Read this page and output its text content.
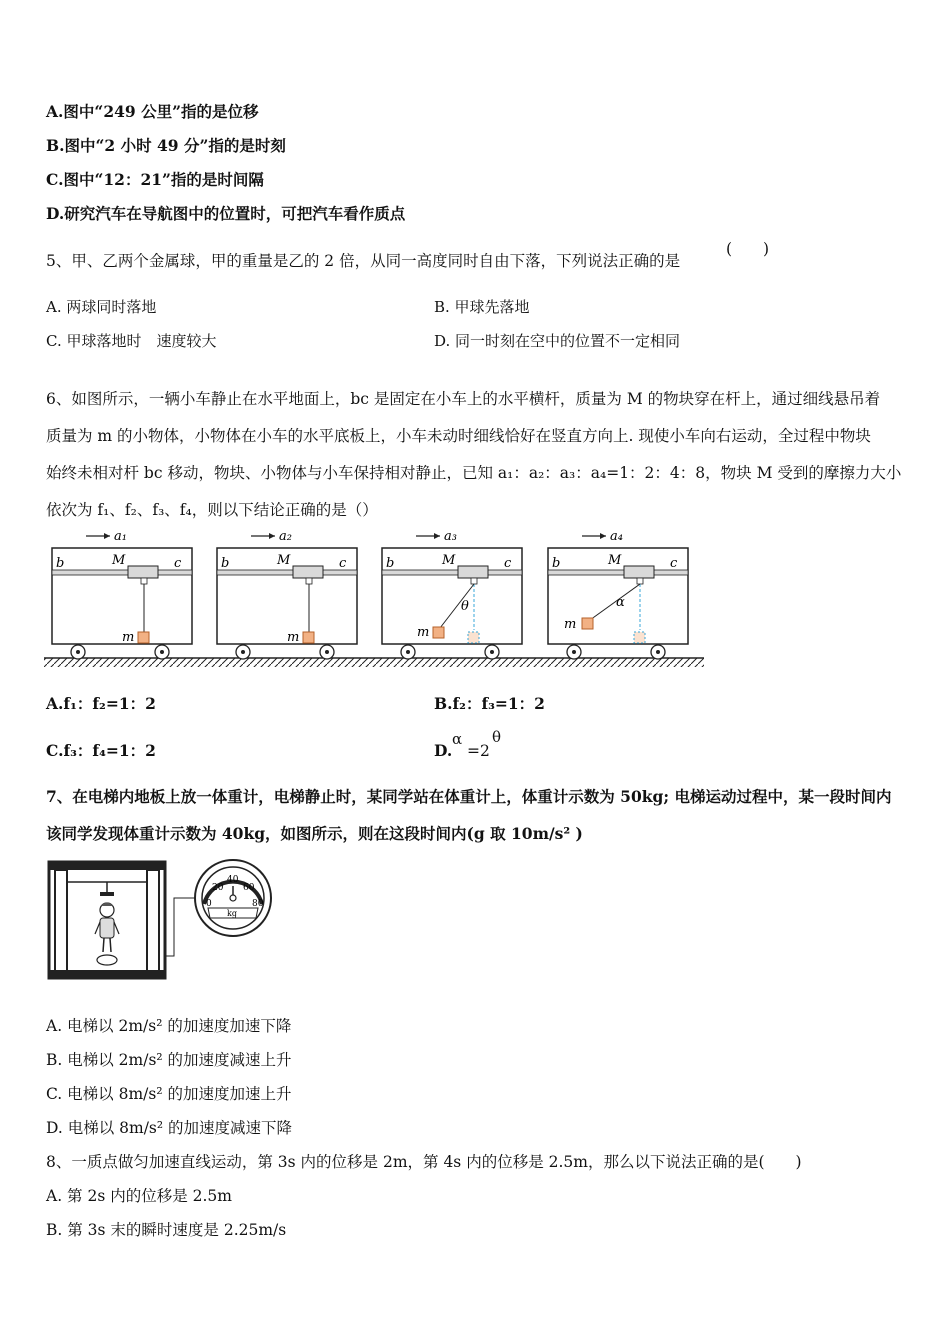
A.图中“249 公里”指的是位移
B.图中“2 小时 49 分”指的是时刻
C.图中“12：21”指的是时间隔
D.研究汽车在导航图中的位置时，可把汽车看作质点
5、甲、乙两个金属球，甲的重量是乙的 2 倍，从同一高度同时自由下落，下列说法正确的是
(　　)
A. 两球同时落地	B. 甲球先落地
C. 甲球落地时　速度较大	D. 同一时刻在空中的位置不一定相同
6、如图所示，一辆小车静止在水平地面上，bc 是固定在小车上的水平横杆，质量为 M 的物块穿在杆上，通过细线悬吊着
质量为 m 的小物体，小物体在小车的水平底板上，小车未动时细线恰好在竖直方向上. 现使小车向右运动，全过程中物块
始终未相对杆 bc 移动，物块、小物体与小车保持相对静止，已知 a₁：a₂：a₃：a₄=1：2：4：8，物块 M 受到的摩擦力大小
依次为 f₁、f₂、f₃、f₄，则以下结论正确的是（）
a₁
b	c
M
m
a₂
b	c
M
m
a₃
b	c
M
m
θ
a₄
b	c
M
m
α
A.f₁：f₂=1：2	B.f₂：f₃=1：2
C.f₃：f₄=1：2	D.
α
=2
θ
7、在电梯内地板上放一体重计，电梯静止时，某同学站在体重计上，体重计示数为 50kg; 电梯运动过程中，某一段时间内
该同学发现体重计示数为 40kg，如图所示，则在这段时间内(g 取 10m/s² )
0
20
40
60
80
kg
A. 电梯以 2m/s² 的加速度加速下降
B. 电梯以 2m/s² 的加速度减速上升
C. 电梯以 8m/s² 的加速度加速上升
D. 电梯以 8m/s² 的加速度减速下降
8、一质点做匀加速直线运动，第 3s 内的位移是 2m，第 4s 内的位移是 2.5m，那么以下说法正确的是(　　)
A. 第 2s 内的位移是 2.5m
B. 第 3s 末的瞬时速度是 2.25m/s
